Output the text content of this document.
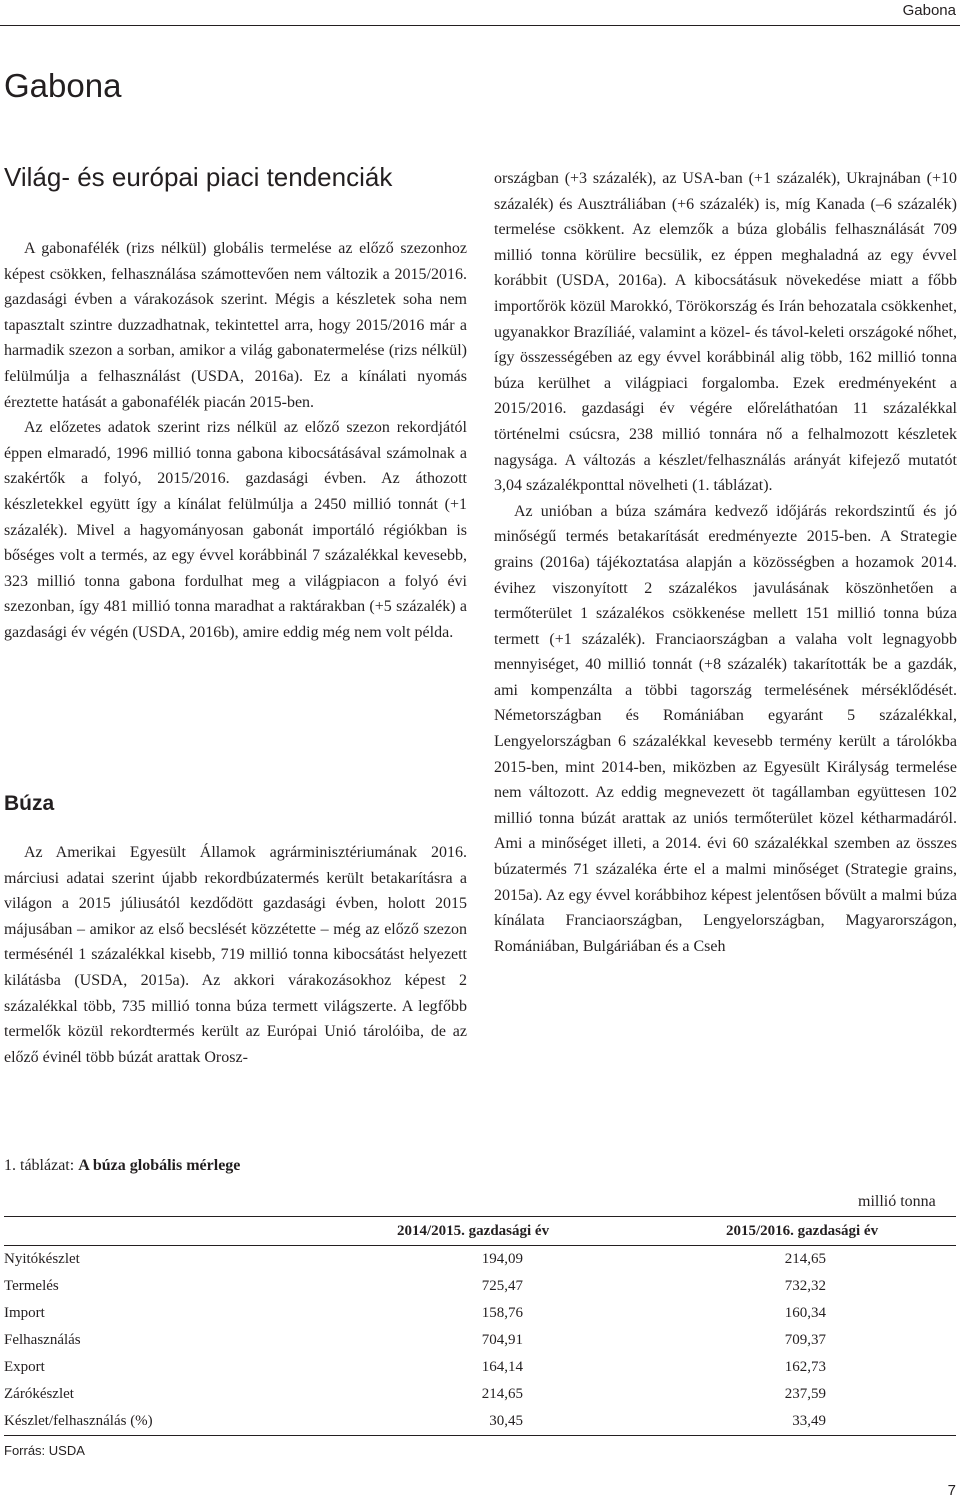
Gabona
Gabona
Világ- és európai piaci tendenciák

A gabonafélék (rizs nélkül) globális termelése az előző szezonhoz képest csökken, felhasználása számottevően nem változik a 2015/2016. gazdasági évben a várakozások szerint. Mégis a készletek soha nem tapasztalt szintre duzzadhatnak, tekintettel arra, hogy 2015/2016 már a harmadik szezon a sorban, amikor a világ gabonatermelése (rizs nélkül) felülmúlja a felhasználást (USDA, 2016a). Ez a kínálati nyomás éreztette hatását a gabonafélék piacán 2015-ben.

Az előzetes adatok szerint rizs nélkül az előző szezon rekordjától éppen elmaradó, 1996 millió tonna gabona kibocsátásával számolnak a szakértők a folyó, 2015/2016. gazdasági évben. Az áthozott készletekkel együtt így a kínálat felülmúlja a 2450 millió tonnát (+1 százalék). Mivel a hagyományosan gabonát importáló régiókban is bőséges volt a termés, az egy évvel korábbinál 7 százalékkal kevesebb, 323 millió tonna gabona fordulhat meg a világpiacon a folyó évi szezonban, így 481 millió tonna maradhat a raktárakban (+5 százalék) a gazdasági év végén (USDA, 2016b), amire eddig még nem volt példa.

Búza

Az Amerikai Egyesült Államok agrárminisztériumának 2016. márciusi adatai szerint újabb rekordbúzatermés került betakarításra a világon a 2015 júliusától kezdődött gazdasági évben, holott 2015 májusában – amikor az első becslését közzétette – még az előző szezon termésénél 1 százalékkal kisebb, 719 millió tonna kibocsátást helyezett kilátásba (USDA, 2015a). Az akkori várakozásokhoz képest 2 százalékkal több, 735 millió tonna búza termett világszerte. A legfőbb termelők közül rekordtermés került az Európai Unió tárolóiba, de az előző évinél több búzát arattak Orosz-

országban (+3 százalék), az USA-ban (+1 százalék), Ukrajnában (+10 százalék) és Ausztráliában (+6 százalék) is, míg Kanada (–6 százalék) termelése csökkent. Az elemzők a búza globális felhasználását 709 millió tonna körülire becsülik, ez éppen meghaladná az egy évvel korábbit (USDA, 2016a). A kibocsátásuk növekedése miatt a főbb importőrök közül Marokkó, Törökország és Irán behozatala csökkenhet, ugyanakkor Brazíliáé, valamint a közel- és távol-keleti országoké nőhet, így összességében az egy évvel korábbinál alig több, 162 millió tonna búza kerülhet a világpiaci forgalomba. Ezek eredményeként a 2015/2016. gazdasági év végére előreláthatóan 11 százalékkal történelmi csúcsra, 238 millió tonnára nő a felhalmozott készletek nagysága. A változás a készlet/felhasználás arányát kifejező mutatót 3,04 százalékponttal növelheti (1. táblázat).

Az unióban a búza számára kedvező időjárás rekordszintű és jó minőségű termés betakarítását eredményezte 2015-ben. A Strategie grains (2016a) tájékoztatása alapján a közösségben a hozamok 2014. évihez viszonyított 2 százalékos javulásának köszönhetően a termőterület 1 százalékos csökkenése mellett 151 millió tonna búza termett (+1 százalék). Franciaországban a valaha volt legnagyobb mennyiséget, 40 millió tonnát (+8 százalék) takarították be a gazdák, ami kompenzálta a többi tagország termelésének mérséklődését. Németországban és Romániában egyaránt 5 százalékkal, Lengyelországban 6 százalékkal kevesebb termény került a tárolókba 2015-ben, mint 2014-ben, miközben az Egyesült Királyság termelése nem változott. Az eddig megnevezett öt tagállamban együttesen 102 millió tonna búzát arattak az uniós termőterület közel kétharmadáról. Ami a minőséget illeti, a 2014. évi 60 százalékkal szemben az összes búzatermés 71 százaléka érte el a malmi minőséget (Strategie grains, 2015a). Az egy évvel korábbihoz képest jelentősen bővült a malmi búza kínálata Franciaországban, Lengyelországban, Magyarországon, Romániában, Bulgáriában és a Cseh

1. táblázat: A búza globális mérlege
millió tonna
	2014/2015. gazdasági év	2015/2016. gazdasági év
Nyitókészlet	194,09	214,65
Termelés	725,47	732,32
Import	158,76	160,34
Felhasználás	704,91	709,37
Export	164,14	162,73
Zárókészlet	214,65	237,59
Készlet/felhasználás (%)	30,45	33,49
Forrás: USDA
7
